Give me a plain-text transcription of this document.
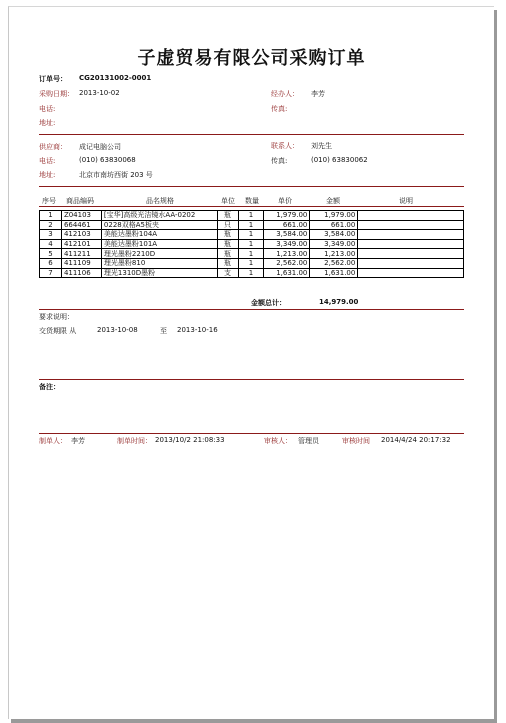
子虚贸易有限公司采购订单
订单号： CG20131002-0001
采购日期： 2013-10-02	经办人： 李芳
电话:	传真:
地址:
供应商： 成记电脑公司	联系人： 刘先生
电话:	(010) 63830068	传真:	(010) 63830062
地址:	北京市南坊西街 203 号
序号 商品编码	品名规格	单位 数量	单价	金额	说明
1	Z04103	[宝华]高级光洁镜水AA-0202	瓶	1	1,979.00	1,979.00	
2	664461	0228双格A5板夹	只	1	661.00	661.00	
3	412103	美能达墨粉104A	瓶	1	3,584.00	3,584.00	
4	412101	美能达墨粉101A	瓶	1	3,349.00	3,349.00	
5	411211	理光墨粉2210D	瓶	1	1,213.00	1,213.00	
6	411109	理光墨粉810	瓶	1	2,562.00	2,562.00	
7	411106	理光1310D墨粉	支	1	1,631.00	1,631.00	
金额总计：	14,979.00
要求说明：
交货期限 从	2013-10-08	至 2013-10-16
备注：
制单人： 李芳	制单时间： 2013/10/2 21:08:33	审核人： 管理员	审核时间 2014/4/24 20:17:32
